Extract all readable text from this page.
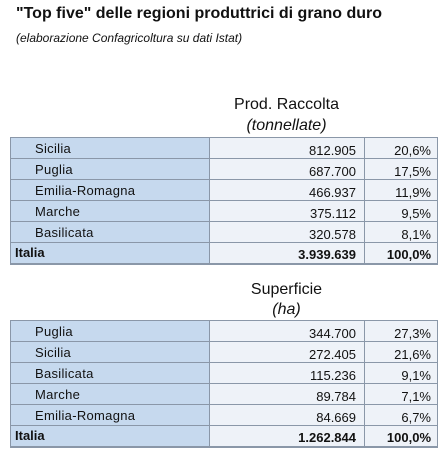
"Top five" delle regioni produttrici di grano duro
(elaborazione Confagricoltura su dati Istat)
Prod. Raccolta
(tonnellate)
Sicilia	812.905	20,6%
Puglia	687.700	17,5%
Emilia-Romagna	466.937	11,9%
Marche	375.112	9,5%
Basilicata	320.578	8,1%
Italia	3.939.639	100,0%
Superficie
(ha)
Puglia	344.700	27,3%
Sicilia	272.405	21,6%
Basilicata	115.236	9,1%
Marche	89.784	7,1%
Emilia-Romagna	84.669	6,7%
Italia	1.262.844	100,0%
